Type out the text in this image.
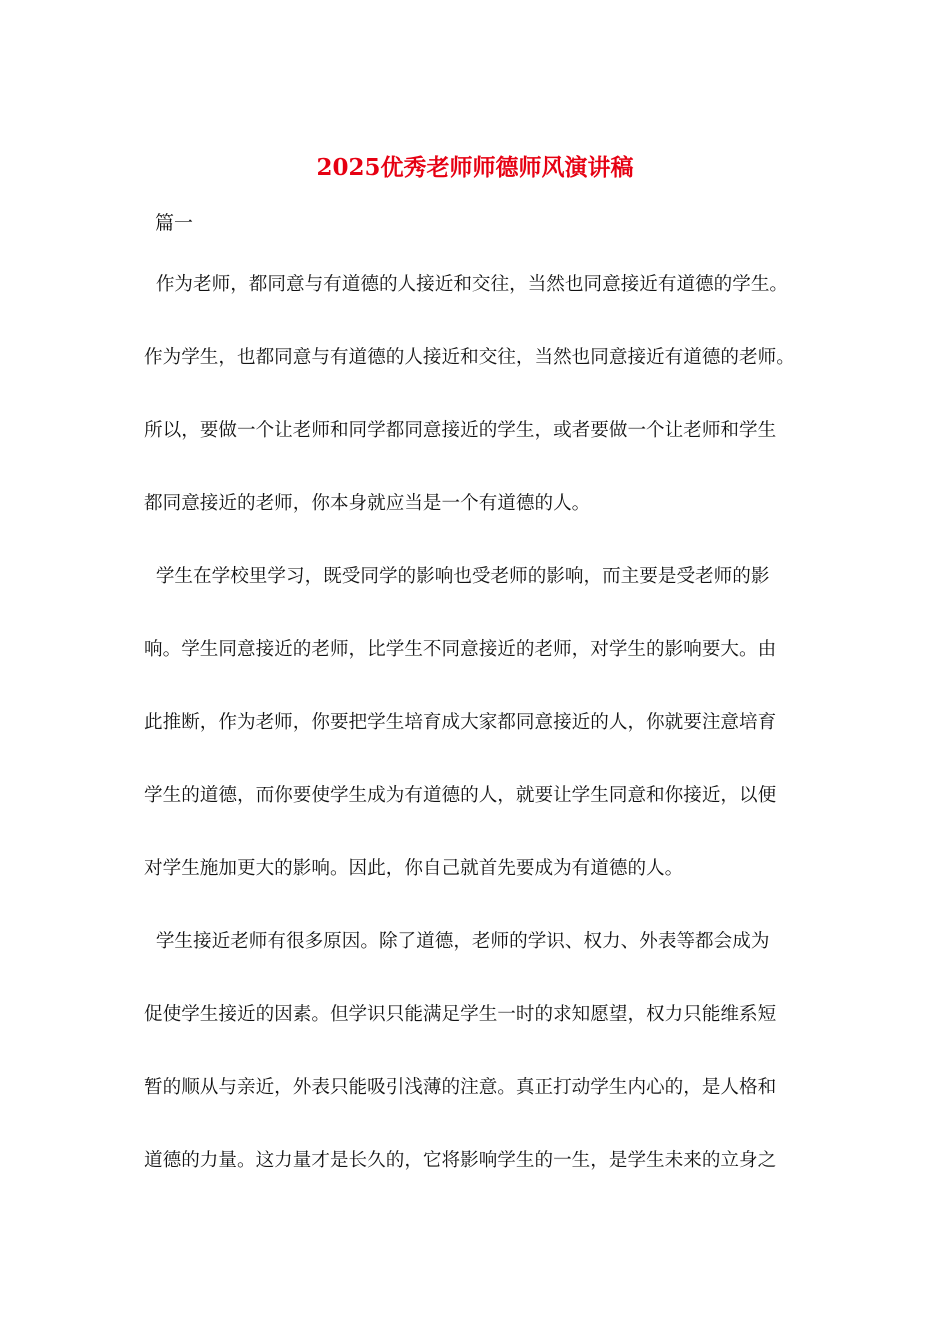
2025优秀老师师德师风演讲稿
篇一
作为老师，都同意与有道德的人接近和交往，当然也同意接近有道德的学生。
作为学生，也都同意与有道德的人接近和交往，当然也同意接近有道德的老师。
所以，要做一个让老师和同学都同意接近的学生，或者要做一个让老师和学生
都同意接近的老师，你本身就应当是一个有道德的人。
学生在学校里学习，既受同学的影响也受老师的影响，而主要是受老师的影
响。学生同意接近的老师，比学生不同意接近的老师，对学生的影响要大。由
此推断，作为老师，你要把学生培育成大家都同意接近的人，你就要注意培育
学生的道德，而你要使学生成为有道德的人，就要让学生同意和你接近，以便
对学生施加更大的影响。因此，你自己就首先要成为有道德的人。
学生接近老师有很多原因。除了道德，老师的学识、权力、外表等都会成为
促使学生接近的因素。但学识只能满足学生一时的求知愿望，权力只能维系短
暂的顺从与亲近，外表只能吸引浅薄的注意。真正打动学生内心的，是人格和
道德的力量。这力量才是长久的，它将影响学生的一生，是学生未来的立身之
